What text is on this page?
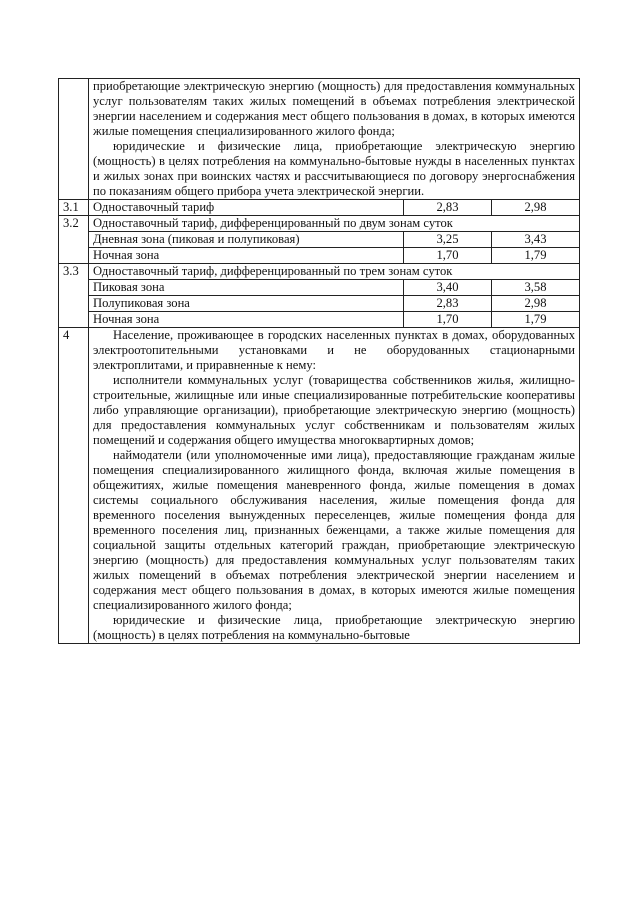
	приобретающие электрическую энергию (мощность) для предоставления коммунальных услуг пользователям таких жилых помещений в объемах потребления электрической энергии населением и содержания мест общего пользования в домах, в которых имеются жилые помещения специализированного жилого фонда;

юридические и физические лица, приобретающие электрическую энергию (мощность) в целях потребления на коммунально-бытовые нужды в населенных пунктах и жилых зонах при воинских частях и рассчитывающиеся по договору энергоснабжения по показаниям общего прибора учета электрической энергии.		

3.1	Одноставочный тариф	2,83	2,98
3.2	Одноставочный тариф, дифференцированный по двум зонам суток		
	Дневная зона (пиковая и полупиковая)	3,25	3,43
	Ночная зона	1,70	1,79
3.3	Одноставочный тариф, дифференцированный по трем зонам суток		
	Пиковая зона	3,40	3,58
	Полупиковая зона	2,83	2,98
	Ночная зона	1,70	1,79
4	Население, проживающее в городских населенных пунктах в домах, оборудованных электроотопительными установками и не оборудованных стационарными электроплитами, и приравненные к нему:

исполнители коммунальных услуг (товарищества собственников жилья, жилищно-строительные, жилищные или иные специализированные потребительские кооперативы либо управляющие организации), приобретающие электрическую энергию (мощность) для предоставления коммунальных услуг собственникам и пользователям жилых помещений и содержания общего имущества многоквартирных домов;

наймодатели (или уполномоченные ими лица), предоставляющие гражданам жилые помещения специализированного жилищного фонда, включая жилые помещения в общежитиях, жилые помещения маневренного фонда, жилые помещения в домах системы социального обслуживания населения, жилые помещения фонда для временного поселения вынужденных переселенцев, жилые помещения фонда для временного поселения лиц, признанных беженцами, а также жилые помещения для социальной защиты отдельных категорий граждан, приобретающие электрическую энергию (мощность) для предоставления коммунальных услуг пользователям таких жилых помещений в объемах потребления электрической энергии населением и содержания мест общего пользования в домах, в которых имеются жилые помещения специализированного жилого фонда;

юридические и физические лица, приобретающие электрическую энергию (мощность) в целях потребления на коммунально-бытовые		
